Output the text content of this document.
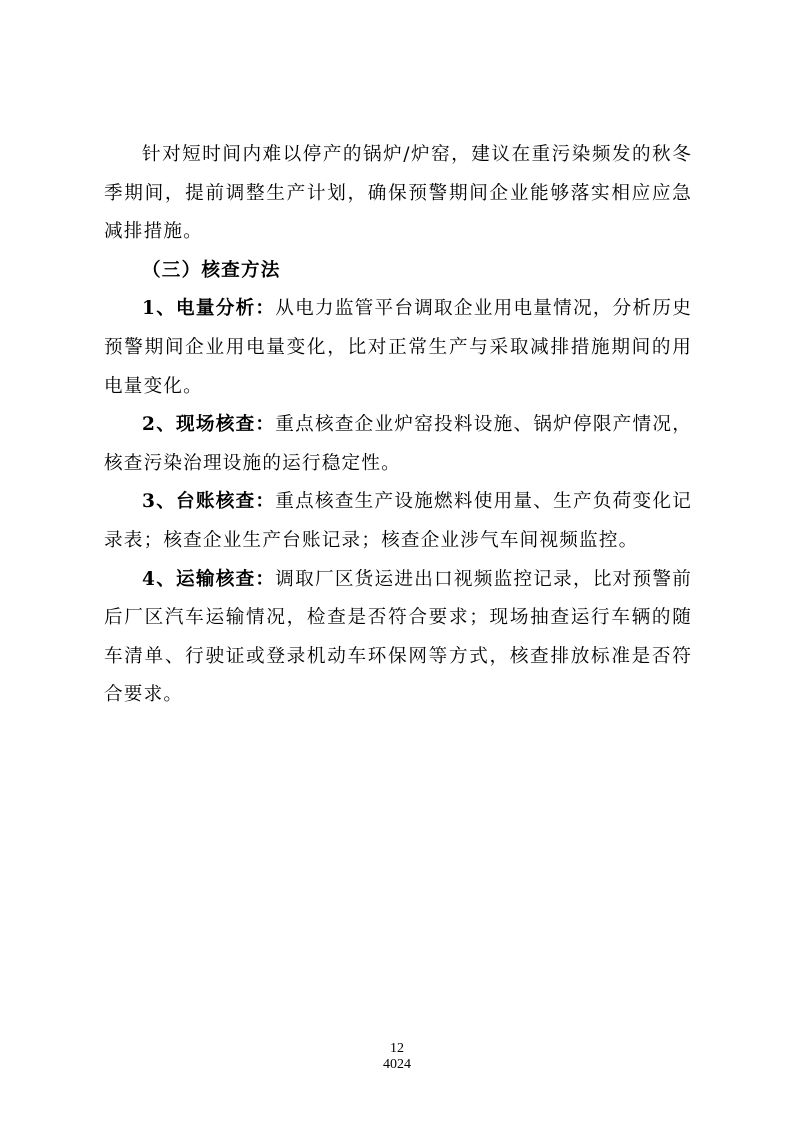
针对短时间内难以停产的锅炉/炉窑，建议在重污染频发的秋冬季期间，提前调整生产计划，确保预警期间企业能够落实相应应急减排措施。

（三）核查方法

1、电量分析：从电力监管平台调取企业用电量情况，分析历史预警期间企业用电量变化，比对正常生产与采取减排措施期间的用电量变化。

2、现场核查：重点核查企业炉窑投料设施、锅炉停限产情况，核查污染治理设施的运行稳定性。

3、台账核查：重点核查生产设施燃料使用量、生产负荷变化记录表；核查企业生产台账记录；核查企业涉气车间视频监控。

4、运输核查：调取厂区货运进出口视频监控记录，比对预警前后厂区汽车运输情况，检查是否符合要求；现场抽查运行车辆的随车清单、行驶证或登录机动车环保网等方式，核查排放标准是否符合要求。

12
4024
